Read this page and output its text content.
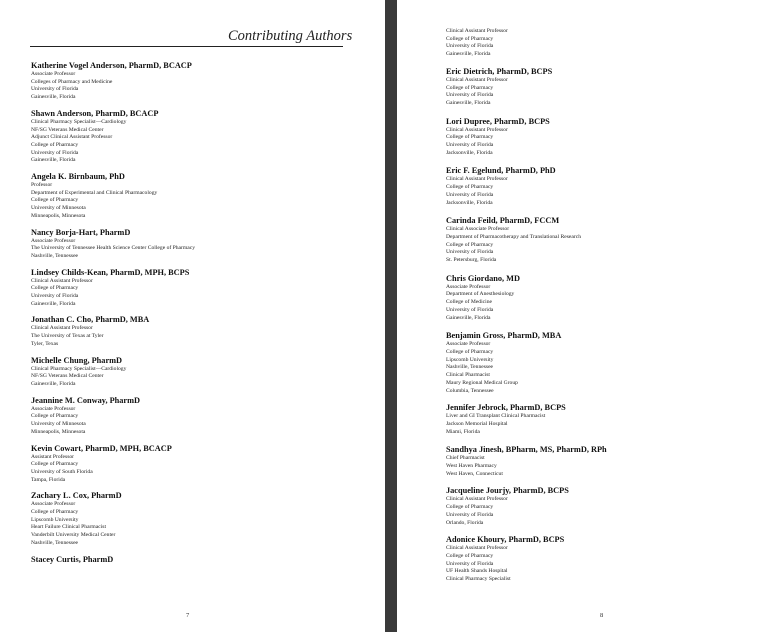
Contributing Authors
Katherine Vogel Anderson, PharmD, BCACP
Associate Professor
Colleges of Pharmacy and Medicine
University of Florida
Gainesville, Florida
Shawn Anderson, PharmD, BCACP
Clinical Pharmacy Specialist—Cardiology
NF/SG Veterans Medical Center
Adjunct Clinical Assistant Professor
College of Pharmacy
University of Florida
Gainesville, Florida
Angela K. Birnbaum, PhD
Professor
Department of Experimental and Clinical Pharmacology
College of Pharmacy
University of Minnesota
Minneapolis, Minnesota
Nancy Borja-Hart, PharmD
Associate Professor
The University of Tennessee Health Science Center College of Pharmacy
Nashville, Tennessee
Lindsey Childs-Kean, PharmD, MPH, BCPS
Clinical Assistant Professor
College of Pharmacy
University of Florida
Gainesville, Florida
Jonathan C. Cho, PharmD, MBA
Clinical Assistant Professor
The University of Texas at Tyler
Tyler, Texas
Michelle Chung, PharmD
Clinical Pharmacy Specialist—Cardiology
NF/SG Veterans Medical Center
Gainesville, Florida
Jeannine M. Conway, PharmD
Associate Professor
College of Pharmacy
University of Minnesota
Minneapolis, Minnesota
Kevin Cowart, PharmD, MPH, BCACP
Assistant Professor
College of Pharmacy
University of South Florida
Tampa, Florida
Zachary L. Cox, PharmD
Associate Professor
College of Pharmacy
Lipscomb University
Heart Failure Clinical Pharmacist
Vanderbilt University Medical Center
Nashville, Tennessee
Stacey Curtis, PharmD
7
Clinical Assistant Professor
College of Pharmacy
University of Florida
Gainesville, Florida
Eric Dietrich, PharmD, BCPS
Clinical Assistant Professor
College of Pharmacy
University of Florida
Gainesville, Florida
Lori Dupree, PharmD, BCPS
Clinical Assistant Professor
College of Pharmacy
University of Florida
Jacksonville, Florida
Eric F. Egelund, PharmD, PhD
Clinical Assistant Professor
College of Pharmacy
University of Florida
Jacksonville, Florida
Carinda Feild, PharmD, FCCM
Clinical Associate Professor
Department of Pharmacotherapy and Translational Research
College of Pharmacy
University of Florida
St. Petersburg, Florida
Chris Giordano, MD
Associate Professor
Department of Anesthesiology
College of Medicine
University of Florida
Gainesville, Florida
Benjamin Gross, PharmD, MBA
Associate Professor
College of Pharmacy
Lipscomb University
Nashville, Tennessee
Clinical Pharmacist
Maury Regional Medical Group
Columbia, Tennessee
Jennifer Jebrock, PharmD, BCPS
Liver and GI Transplant Clinical Pharmacist
Jackson Memorial Hospital
Miami, Florida
Sandhya Jinesh, BPharm, MS, PharmD, RPh
Chief Pharmacist
West Haven Pharmacy
West Haven, Connecticut
Jacqueline Jourjy, PharmD, BCPS
Clinical Assistant Professor
College of Pharmacy
University of Florida
Orlando, Florida
Adonice Khoury, PharmD, BCPS
Clinical Assistant Professor
College of Pharmacy
University of Florida
UF Health Shands Hospital
Clinical Pharmacy Specialist
8
